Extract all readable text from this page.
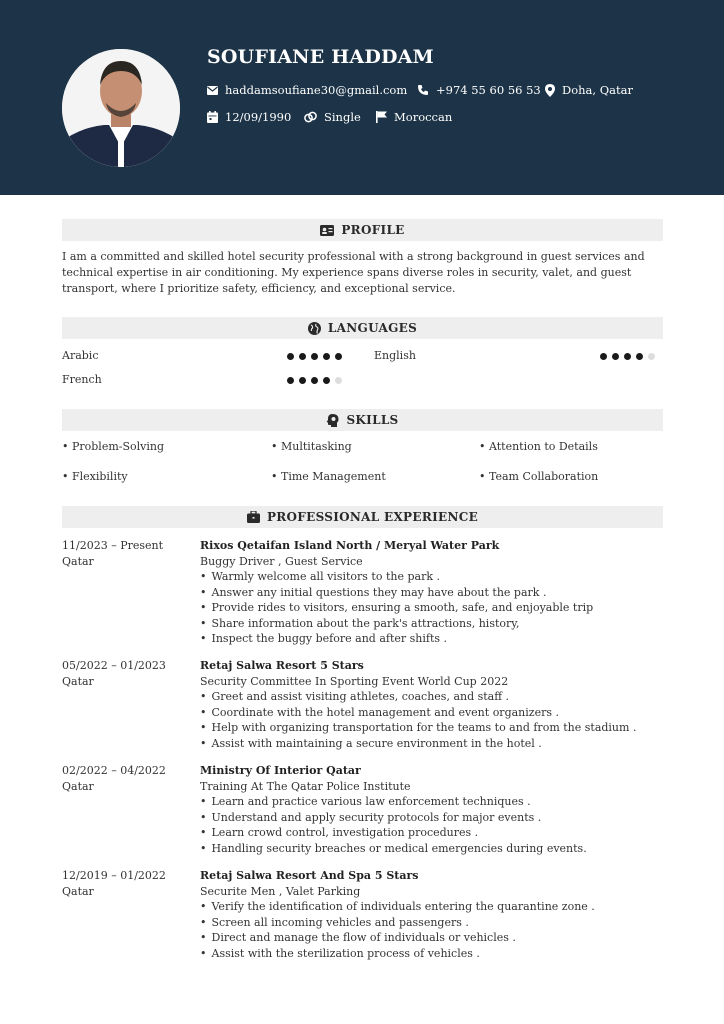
SOUFIANE HADDAM
haddamsoufiane30@gmail.com +974 55 60 56 53 Doha, Qatar
12/09/1990	Single	Moroccan
PROFILE
I am a committed and skilled hotel security professional with a strong background in guest services and technical expertise in air conditioning. My experience spans diverse roles in security, valet, and guest transport, where I prioritize safety, efficiency, and exceptional service.
LANGUAGES
Arabic	English
French
SKILLS
• Problem-Solving	• Multitasking	• Attention to Details
• Flexibility	• Time Management	• Team Collaboration
PROFESSIONAL EXPERIENCE
11/2023 – Present
Qatar
Rixos Qetaifan Island North / Meryal Water Park
Buggy Driver , Guest Service
• Warmly welcome all visitors to the park .
• Answer any initial questions they may have about the park .
• Provide rides to visitors, ensuring a smooth, safe, and enjoyable trip
• Share information about the park's attractions, history,
• Inspect the buggy before and after shifts .
05/2022 – 01/2023
Qatar
Retaj Salwa Resort 5 Stars
Security Committee In Sporting Event World Cup 2022
• Greet and assist visiting athletes, coaches, and staff .
• Coordinate with the hotel management and event organizers .
• Help with organizing transportation for the teams to and from the stadium .
• Assist with maintaining a secure environment in the hotel .
02/2022 – 04/2022
Qatar
Ministry Of Interior Qatar
Training At The Qatar Police Institute
• Learn and practice various law enforcement techniques .
• Understand and apply security protocols for major events .
• Learn crowd control, investigation procedures .
• Handling security breaches or medical emergencies during events.
12/2019 – 01/2022
Qatar
Retaj Salwa Resort And Spa 5 Stars
Securite Men , Valet Parking
• Verify the identification of individuals entering the quarantine zone .
• Screen all incoming vehicles and passengers .
• Direct and manage the flow of individuals or vehicles .
• Assist with the sterilization process of vehicles .
